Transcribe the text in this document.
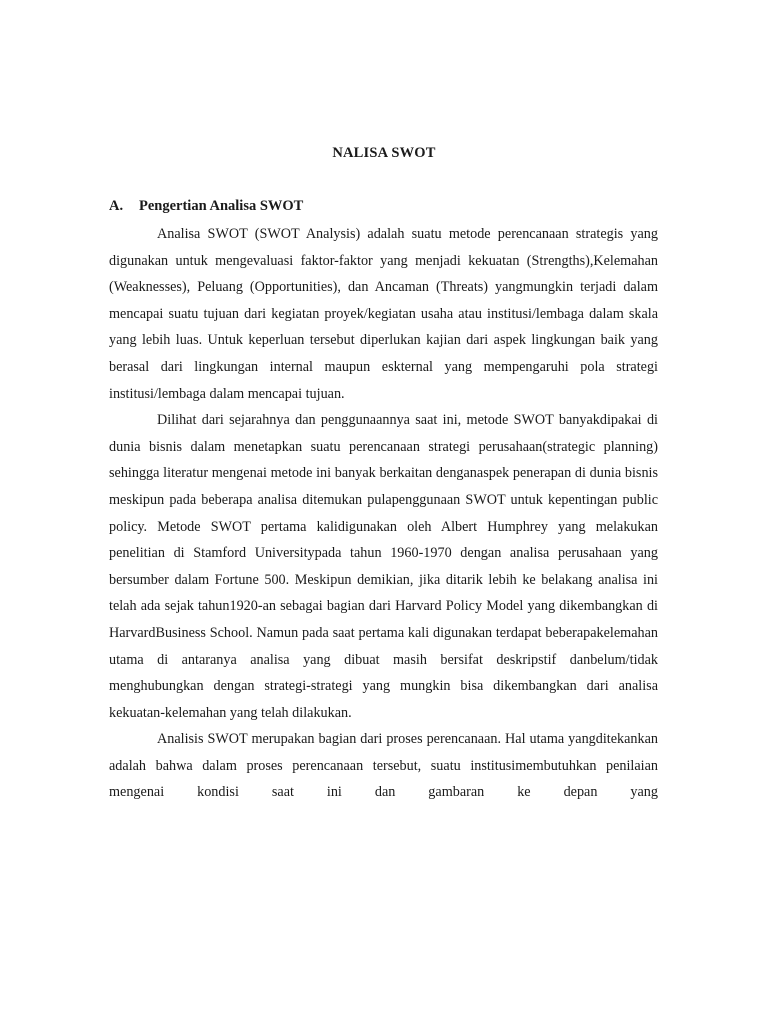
NALISA SWOT
A. Pengertian Analisa SWOT

Analisa SWOT (SWOT Analysis) adalah suatu metode perencanaan strategis yang digunakan untuk mengevaluasi faktor-faktor yang menjadi kekuatan (Strengths),Kelemahan (Weaknesses), Peluang (Opportunities), dan Ancaman (Threats) yangmungkin terjadi dalam mencapai suatu tujuan dari kegiatan proyek/kegiatan usaha atau institusi/lembaga dalam skala yang lebih luas. Untuk keperluan tersebut diperlukan kajian dari aspek lingkungan baik yang berasal dari lingkungan internal maupun eskternal yang mempengaruhi pola strategi institusi/lembaga dalam mencapai tujuan.

Dilihat dari sejarahnya dan penggunaannya saat ini, metode SWOT banyakdipakai di dunia bisnis dalam menetapkan suatu perencanaan strategi perusahaan(strategic planning) sehingga literatur mengenai metode ini banyak berkaitan denganaspek penerapan di dunia bisnis meskipun pada beberapa analisa ditemukan pulapenggunaan SWOT untuk kepentingan public policy. Metode SWOT pertama kalidigunakan oleh Albert Humphrey yang melakukan penelitian di Stamford Universitypada tahun 1960-1970 dengan analisa perusahaan yang bersumber dalam Fortune 500. Meskipun demikian, jika ditarik lebih ke belakang analisa ini telah ada sejak tahun1920-an sebagai bagian dari Harvard Policy Model yang dikembangkan di HarvardBusiness School. Namun pada saat pertama kali digunakan terdapat beberapakelemahan utama di antaranya analisa yang dibuat masih bersifat deskripstif danbelum/tidak menghubungkan dengan strategi-strategi yang mungkin bisa dikembangkan dari analisa kekuatan-kelemahan yang telah dilakukan.

Analisis SWOT merupakan bagian dari proses perencanaan. Hal utama yangditekankan adalah bahwa dalam proses perencanaan tersebut, suatu institusimembutuhkan penilaian mengenai kondisi saat ini dan gambaran ke depan yang
